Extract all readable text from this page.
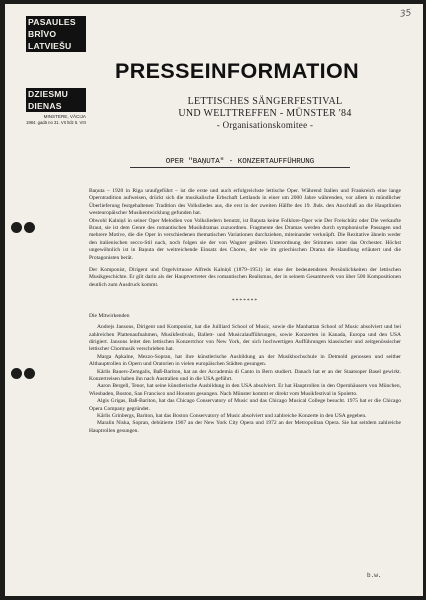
35
PASAULES
BRĪVO
LATVIEŠU
DZIESMU
DIENAS
MINSTERE, VĀCIJA
1984. gadā no 31. VII līdz 5. VIII
PRESSEINFORMATION
LETTISCHES SÄNGERFESTIVAL
UND WELTTREFFEN - MÜNSTER '84
- Organisationskomitee -
OPER "BAŅUTA" - KONZERTAUFFÜHRUNG

Baņuta – 1920 in Riga uraufgeführt – ist die erste und auch erfolgreichste lettische Oper. Während Italien und Frankreich eine lange Operntradition aufweisen, drückt sich die musikalische Erbschaft Lettlands in einer um 2000 Jahre währenden, vor allem in mündlicher Überlieferung festgehaltenen Tradition des Volksliedes aus, die erst in der zweiten Hälfte des 19. Jhds. den Anschluß an die Hauptlinien westeuropäischer Musikentwicklung gefunden hat.

Obwohl Kalniņš in seiner Oper Melodien von Volksliedern benutzt, ist Baņuta keine Folklore-Oper wie Der Freischütz oder Die verkaufte Braut, sie ist dem Genre des romantischen Musikdramas zuzuordnen. Fragmente des Dramas werden durch symphonische Passagen und mehrere Motive, die die Oper in verschiedenen thematischen Variationen durchziehen, miteinander verknüpft. Die Rezitative ähneln weder den italienischen secco-Stil nach, noch folgen sie der von Wagner geübten Unterordnung der Stimmen unter das Orchester. Höchst ungewöhnlich ist in Baņuta der weitreichende Einsatz des Chores, der wie im griechischen Drama die Handlung erläutert und die Protagonisten berät.

Der Komponist, Dirigent und Orgelvirtuose Alfreds Kalniņš (1879–1951) ist eine der bedeutendsten Persönlichkeiten der lettischen Musikgeschichte. Er gilt darin als der Hauptvertreter des romantischen Realismus, der in seinem Gesamtwerk von über 500 Kompositionen deutlich zum Ausdruck kommt.

*******

Die Mitwirkenden

Andrejs Jansons, Dirigent und Komponist, hat die Juilliard School of Music, sowie die Manhattan School of Music absolviert und bei zahlreichen Plattenaufnahmen, Musikfestivals, Ballett- und Musicalaufführungen, sowie Konzerten in Kanada, Europa und den USA dirigiert. Jansons leitet den lettischen Konzertchor von New York, der sich hochwertigen Aufführungen klassischer und zeitgenössischer lettischer Chormusik verschrieben hat.

Marga Apkalne, Mezzo-Sopran, hat ihre künstlerische Ausbildung an der Musikhochschule in Detmold genossen und seither Althauptrollen in Opern und Oratorien in vielen europäischen Städten gesungen.

Kārlis Bauers-Zemgalis, Baß-Bariton, hat an der Accademia di Canto in Bern studiert. Danach hat er an der Staatsoper Basel gewirkt. Konzertreisen haben ihn nach Australien und in die USA geführt.

Aaron Bergell, Tenor, hat seine künstlerische Ausbildung in den USA absolviert. Er hat Hauptrollen in den Opernhäusern von München, Wiesbaden, Boston, San Francisco und Houston gesungen. Nach Münster kommt er direkt vom Musikfestival in Spoletto.

Algis Grigas, Baß-Bariton, hat das Chicago Conservatory of Music und das Chicago Musical College besucht. 1975 hat er die Chicago Opera Company gegründet.

Kārlis Grinbergs, Bariton, hat das Boston Conservatory of Music absolviert und zahlreiche Konzerte in den USA gegeben.

Maralin Niska, Sopran, debütierte 1967 an der New York City Opera und 1972 an der Metropolitan Opera. Sie hat seitdem zahlreiche Hauptrollen gesungen.

b.w.
